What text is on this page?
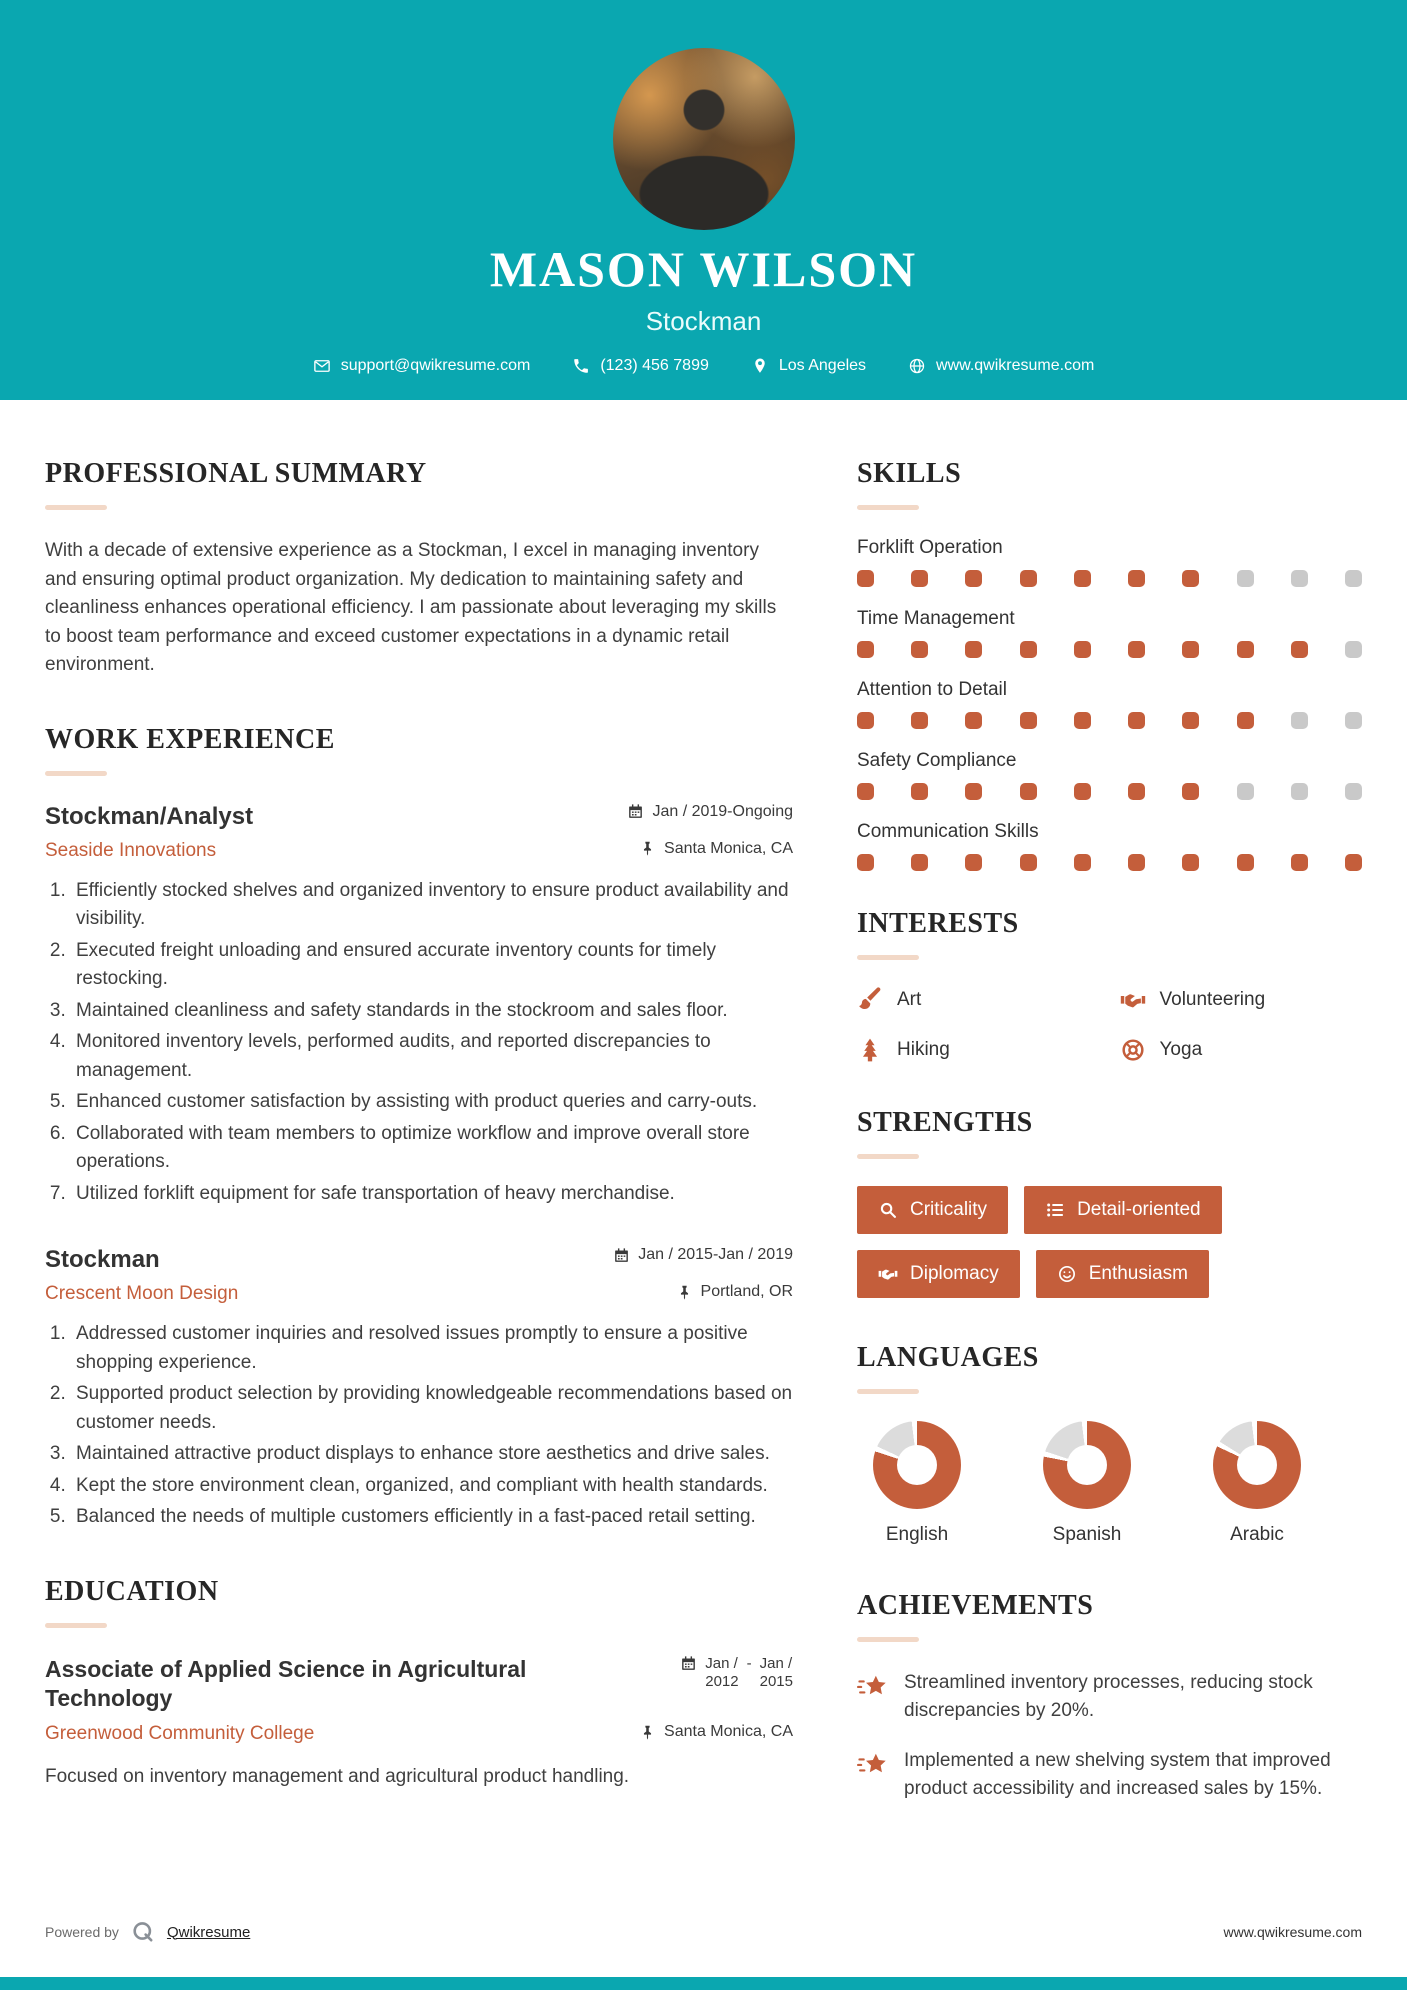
MASON WILSON
Stockman
support@qwikresume.com	(123) 456 7899	Los Angeles	www.qwikresume.com
PROFESSIONAL SUMMARY

With a decade of extensive experience as a Stockman, I excel in managing inventory and ensuring optimal product organization. My dedication to maintaining safety and cleanliness enhances operational efficiency. I am passionate about leveraging my skills to boost team performance and exceed customer expectations in a dynamic retail environment.

WORK EXPERIENCE
Stockman/Analyst	Jan / 2019-Ongoing
Seaside Innovations	Santa Monica, CA
1. Efficiently stocked shelves and organized inventory to ensure product availability and visibility.
2. Executed freight unloading and ensured accurate inventory counts for timely restocking.
3. Maintained cleanliness and safety standards in the stockroom and sales floor.
4. Monitored inventory levels, performed audits, and reported discrepancies to management.
5. Enhanced customer satisfaction by assisting with product queries and carry-outs.
6. Collaborated with team members to optimize workflow and improve overall store operations.
7. Utilized forklift equipment for safe transportation of heavy merchandise.
Stockman	Jan / 2015-Jan / 2019
Crescent Moon Design	Portland, OR
1. Addressed customer inquiries and resolved issues promptly to ensure a positive shopping experience.
2. Supported product selection by providing knowledgeable recommendations based on customer needs.
3. Maintained attractive product displays to enhance store aesthetics and drive sales.
4. Kept the store environment clean, organized, and compliant with health standards.
5. Balanced the needs of multiple customers efficiently in a fast-paced retail setting.
EDUCATION
Associate of Applied Science in Agricultural Technology
Jan /
2012
- Jan /
2015
Greenwood Community College	Santa Monica, CA

Focused on inventory management and agricultural product handling.

SKILLS
Forklift Operation
Time Management
Attention to Detail
Safety Compliance
Communication Skills
INTERESTS
Art	Volunteering
Hiking	Yoga
STRENGTHS
Criticality	Detail-oriented
Diplomacy	Enthusiasm
LANGUAGES
English	Spanish	Arabic
ACHIEVEMENTS

Streamlined inventory processes, reducing stock discrepancies by 20%.

Implemented a new shelving system that improved product accessibility and increased sales by 15%.

Powered by	Qwikresume	www.qwikresume.com
